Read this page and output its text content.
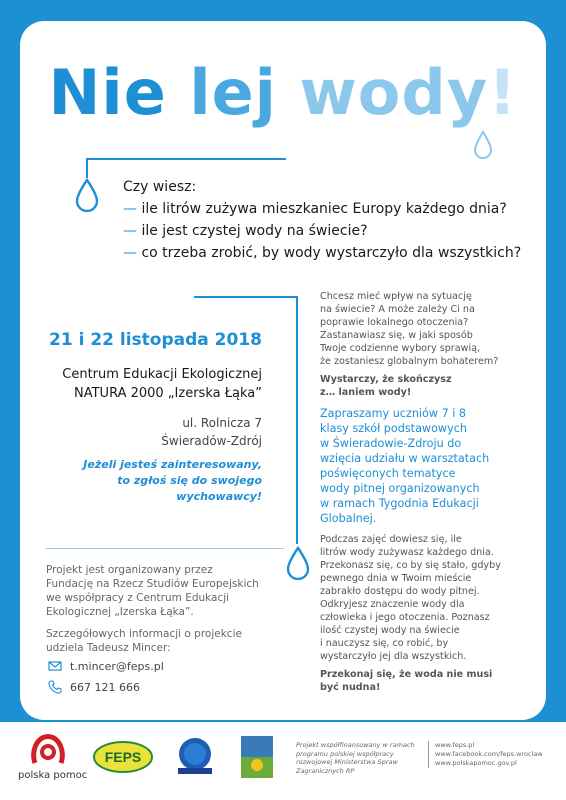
Nie lej wody!
Czy wiesz:
— ile litrów zużywa mieszkaniec Europy każdego dnia?
— ile jest czystej wody na świecie?
— co trzeba zrobić, by wody wystarczyło dla wszystkich?
21 i 22 listopada 2018
Centrum Edukacji Ekologicznej
NATURA 2000 „Izerska Łąka”
ul. Rolnicza 7
Świeradów-Zdrój
Jeżeli jesteś zainteresowany,
to zgłoś się do swojego
wychowawcy!

Projekt jest organizowany przez
Fundację na Rzecz Studiów Europejskich
we współpracy z Centrum Edukacji
Ekologicznej „Izerska Łąka”.

Szczegółowych informacji o projekcie
udziela Tadeusz Mincer:

t.mincer@feps.pl
667 121 666
Chcesz mieć wpływ na sytuację
na świecie? A może zależy Ci na
poprawie lokalnego otoczenia?
Zastanawiasz się, w jaki sposób
Twoje codzienne wybory sprawią,
że zostaniesz globalnym bohaterem?
Wystarczy, że skończysz
z… laniem wody!
Zapraszamy uczniów 7 i 8
klasy szkół podstawowych
w Świeradowie-Zdroju do
wzięcia udziału w warsztatach
poświęconych tematyce
wody pitnej organizowanych
w ramach Tygodnia Edukacji
Globalnej.
Podczas zajęć dowiesz się, ile
litrów wody zużywasz każdego dnia.
Przekonasz się, co by się stało, gdyby
pewnego dnia w Twoim mieście
zabrakło dostępu do wody pitnej.
Odkryjesz znaczenie wody dla
człowieka i jego otoczenia. Poznasz
ilość czystej wody na świecie
i nauczysz się, co robić, by
wystarczyło jej dla wszystkich.
Przekonaj się, że woda nie musi
być nudna!
polska pomoc
FEPS
Projekt współfinansowany w ramach
programu polskiej współpracy
rozwojowej Ministerstwa Spraw
Zagranicznych RP
www.feps.pl
www.facebook.com/feps.wroclaw
www.polskapomoc.gov.pl
